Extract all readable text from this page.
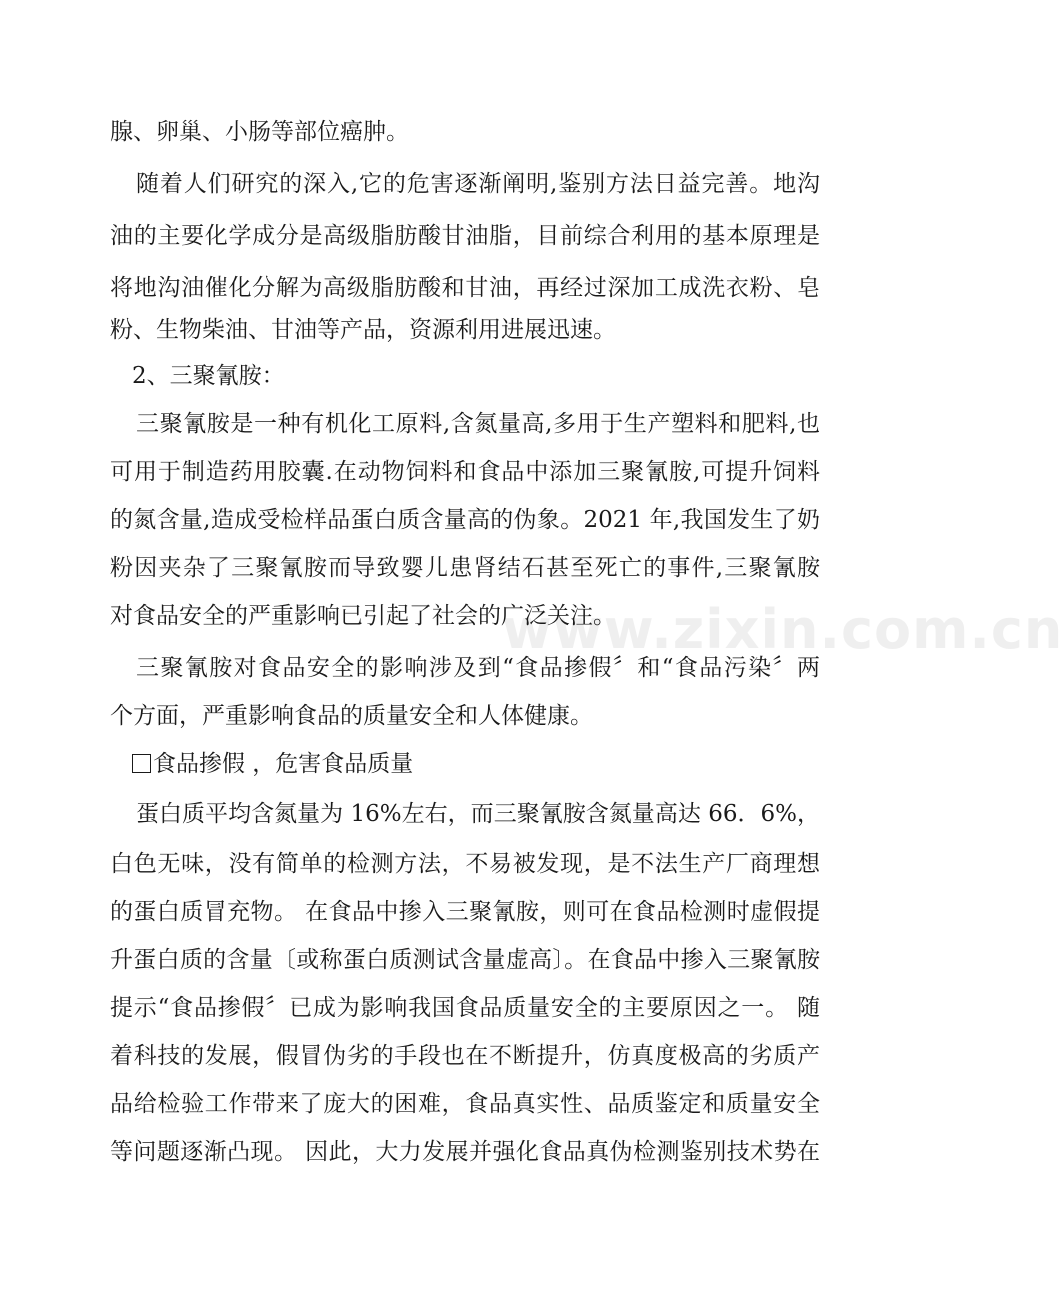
www.zixin.com.cn
腺、卵巢、小肠等部位癌肿。
随着人们研究的深入,它的危害逐渐阐明,鉴别方法日益完善。地沟
油的主要化学成分是高级脂肪酸甘油脂，目前综合利用的基本原理是
将地沟油催化分解为高级脂肪酸和甘油，再经过深加工成洗衣粉、皂
粉、生物柴油、甘油等产品，资源利用进展迅速。
2、三聚氰胺：
三聚氰胺是一种有机化工原料,含氮量高,多用于生产塑料和肥料,也
可用于制造药用胶囊.在动物饲料和食品中添加三聚氰胺,可提升饲料
的氮含量,造成受检样品蛋白质含量高的伪象。2021 年,我国发生了奶
粉因夹杂了三聚氰胺而导致婴儿患肾结石甚至死亡的事件,三聚氰胺
对食品安全的严重影响已引起了社会的广泛关注。
三聚氰胺对食品安全的影响涉及到“食品掺假〞和“食品污染〞两
个方面，严重影响食品的质量安全和人体健康。
食品掺假 ，危害食品质量
蛋白质平均含氮量为 16%左右，而三聚氰胺含氮量高达 66．6%，
白色无味，没有简单的检测方法，不易被发现，是不法生产厂商理想
的蛋白质冒充物。 在食品中掺入三聚氰胺，则可在食品检测时虚假提
升蛋白质的含量〔或称蛋白质测试含量虚高〕。在食品中掺入三聚氰胺
提示“食品掺假〞已成为影响我国食品质量安全的主要原因之一。 随
着科技的发展，假冒伪劣的手段也在不断提升，仿真度极高的劣质产
品给检验工作带来了庞大的困难，食品真实性、品质鉴定和质量安全
等问题逐渐凸现。 因此，大力发展并强化食品真伪检测鉴别技术势在
